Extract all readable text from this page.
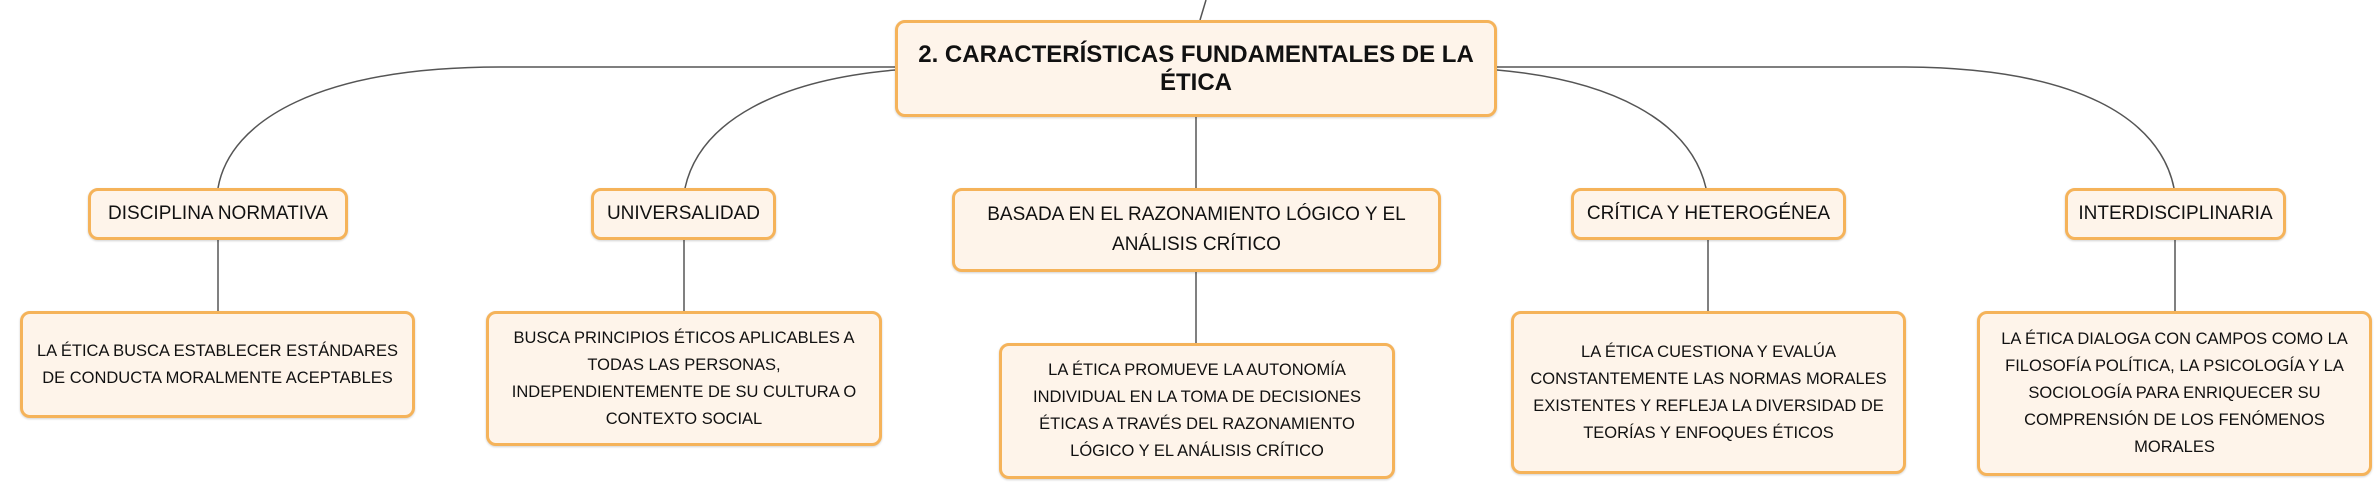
2. CARACTERÍSTICAS FUNDAMENTALES DE LA ÉTICA
DISCIPLINA NORMATIVA	UNIVERSALIDAD	BASADA EN EL RAZONAMIENTO LÓGICO Y EL ANÁLISIS CRÍTICO
CRÍTICA Y HETEROGÉNEA	INTERDISCIPLINARIA
LA ÉTICA BUSCA ESTABLECER ESTÁNDARES DE CONDUCTA MORALMENTE ACEPTABLES
BUSCA PRINCIPIOS ÉTICOS APLICABLES A TODAS LAS PERSONAS, INDEPENDIENTEMENTE DE SU CULTURA O CONTEXTO SOCIAL
LA ÉTICA PROMUEVE LA AUTONOMÍA INDIVIDUAL EN LA TOMA DE DECISIONES ÉTICAS A TRAVÉS DEL RAZONAMIENTO LÓGICO Y EL ANÁLISIS CRÍTICO
LA ÉTICA CUESTIONA Y EVALÚA CONSTANTEMENTE LAS NORMAS MORALES EXISTENTES Y REFLEJA LA DIVERSIDAD DE TEORÍAS Y ENFOQUES ÉTICOS
LA ÉTICA DIALOGA CON CAMPOS COMO LA FILOSOFÍA POLÍTICA, LA PSICOLOGÍA Y LA SOCIOLOGÍA PARA ENRIQUECER SU COMPRENSIÓN DE LOS FENÓMENOS MORALES
